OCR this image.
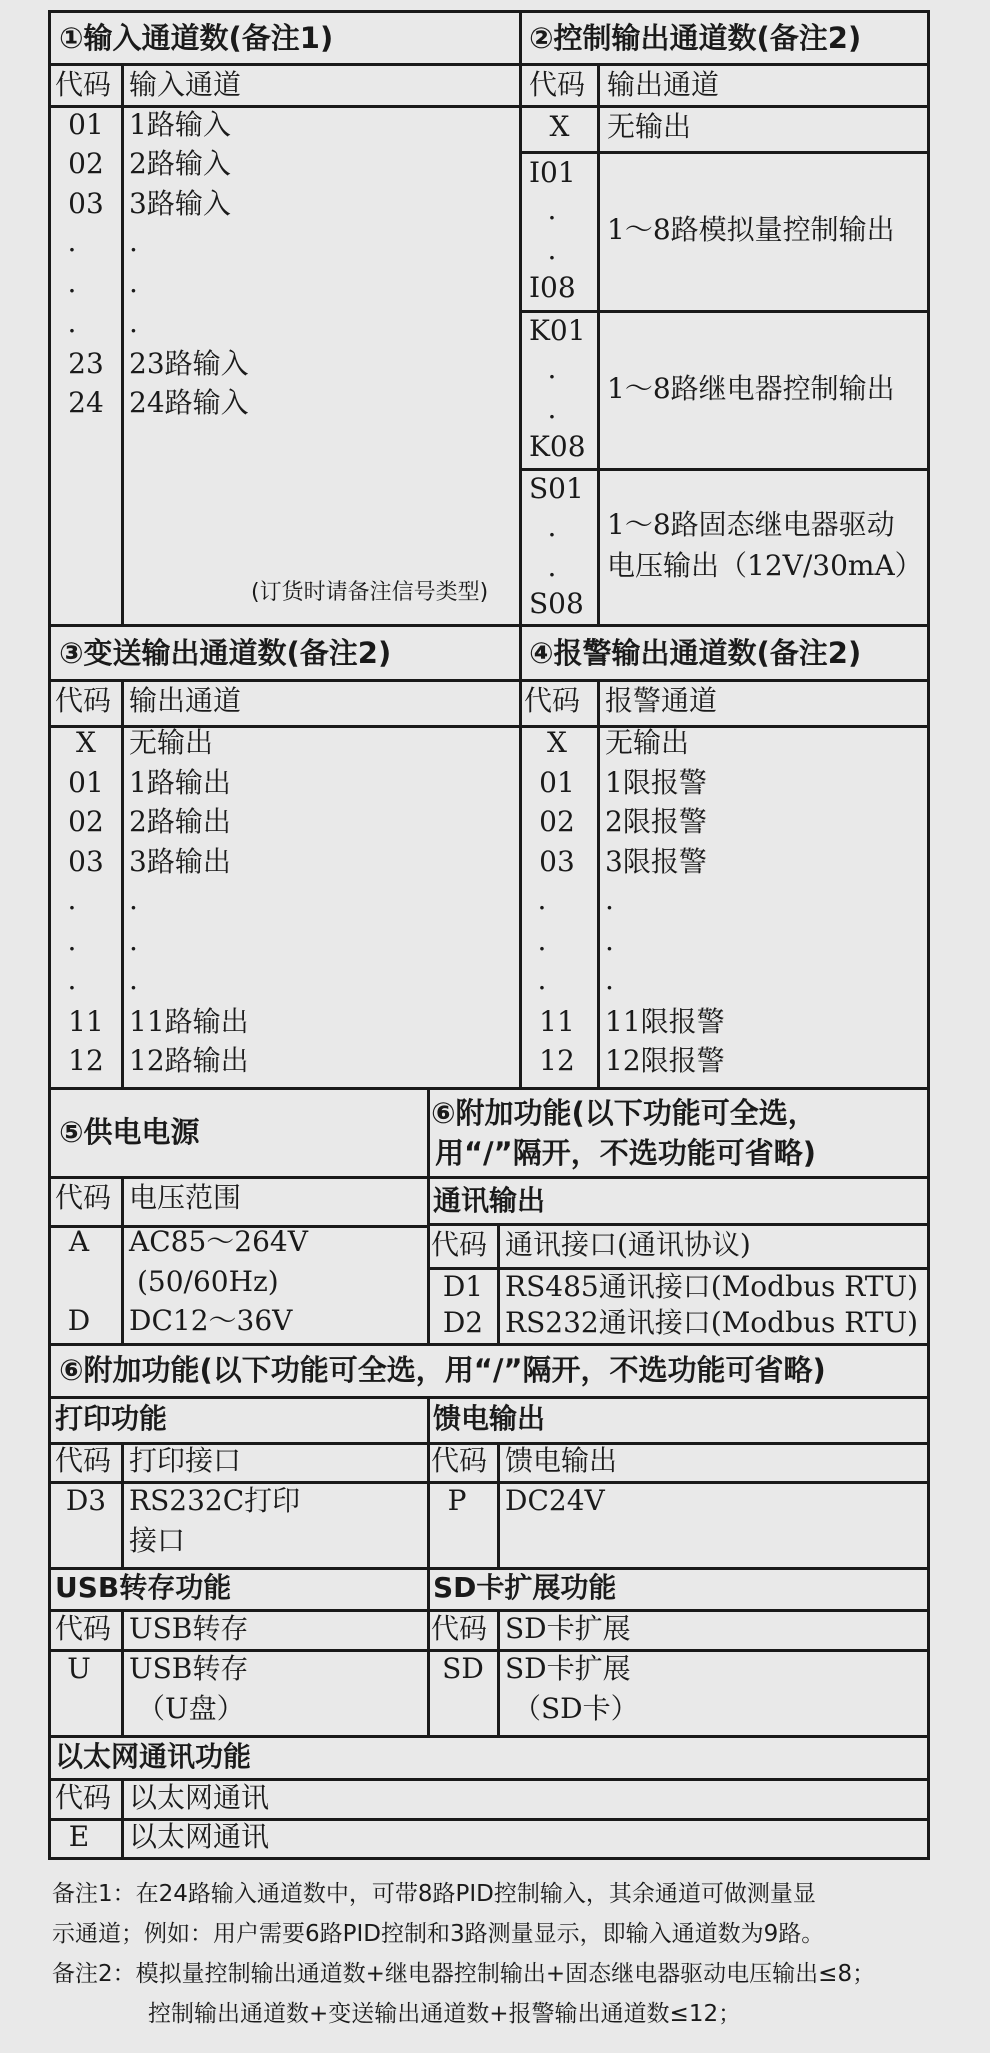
①输入通道数(备注1)
代码 输入通道
01 1路输入
02 2路输入
03 3路输入
.	.
.	.
.	.
23 23路输入
24 24路输入
(订货时请备注信号类型)
②控制输出通道数(备注2)
代码 输出通道
X	无输出
I01
.
.
I08
1～8路模拟量控制输出
K01
.
.
K08
1～8路继电器控制输出
S01
.
.
S08
1～8路固态继电器驱动
电压输出（12V/30mA）
③变送输出通道数(备注2)
代码 输出通道
X	无输出
01 1路输出
02 2路输出
03 3路输出
.	.
.	.
.	.
11 11路输出
12 12路输出
④报警输出通道数(备注2)
代码 报警通道
X	无输出
01	1限报警
02	2限报警
03	3限报警
.	.
.	.
.	.
11	11限报警
12	12限报警
⑤供电电源
代码 电压范围
A	AC85～264V
(50/60Hz)
D	DC12～36V
⑥附加功能(以下功能可全选，
用“/”隔开，不选功能可省略)
通讯输出
代码 通讯接口(通讯协议)
D1 RS485通讯接口(Modbus RTU)
D2 RS232通讯接口(Modbus RTU)
⑥附加功能(以下功能可全选，用“/”隔开，不选功能可省略)
打印功能
代码 打印接口
D3 RS232C打印
接口
馈电输出
代码 馈电输出
P	DC24V
USB转存功能
代码 USB转存
U	USB转存
（U盘）
SD卡扩展功能
代码 SD卡扩展
SD SD卡扩展
（SD卡）
以太网通讯功能
代码 以太网通讯
E	以太网通讯
备注1：在24路输入通道数中，可带8路PID控制输入，其余通道可做测量显
示通道；例如：用户需要6路PID控制和3路测量显示，即输入通道数为9路。
备注2：模拟量控制输出通道数+继电器控制输出+固态继电器驱动电压输出≤8；
控制输出通道数+变送输出通道数+报警输出通道数≤12；
